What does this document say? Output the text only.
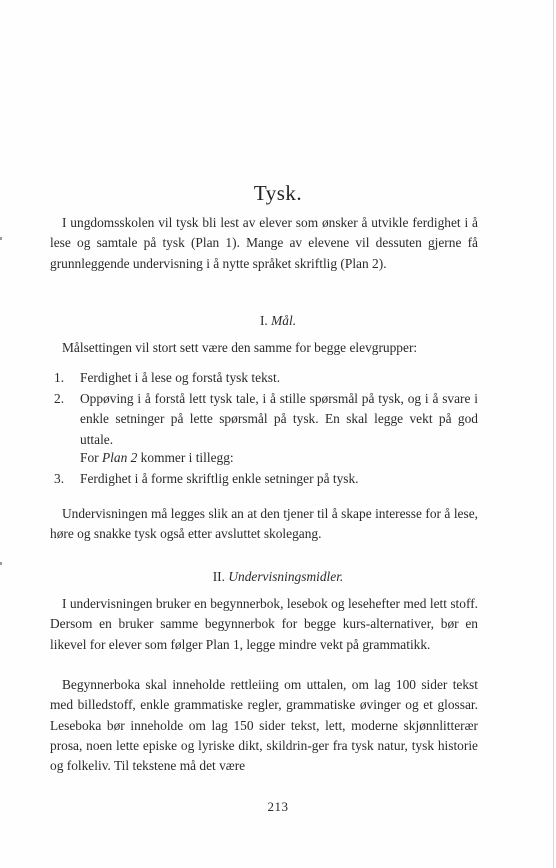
Tysk.

I ungdomsskolen vil tysk bli lest av elever som ønsker å utvikle ferdighet i å lese og samtale på tysk (Plan 1). Mange av elevene vil dessuten gjerne få grunnleggende undervisning i å nytte språket skriftlig (Plan 2).

I. Mål.

Målsettingen vil stort sett være den samme for begge elevgrupper:

1. Ferdighet i å lese og forstå tysk tekst.
2. Oppøving i å forstå lett tysk tale, i å stille spørsmål på tysk, og i å svare i enkle setninger på lette spørsmål på tysk. En skal legge vekt på god uttale.
For Plan 2 kommer i tillegg:
3. Ferdighet i å forme skriftlig enkle setninger på tysk.

Undervisningen må legges slik an at den tjener til å skape interesse for å lese, høre og snakke tysk også etter avsluttet skolegang.

II. Undervisningsmidler.

I undervisningen bruker en begynnerbok, lesebok og lesehefter med lett stoff. Dersom en bruker samme begynnerbok for begge kurs-alternativer, bør en likevel for elever som følger Plan 1, legge mindre vekt på grammatikk.

Begynnerboka skal inneholde rettleiing om uttalen, om lag 100 sider tekst med billedstoff, enkle grammatiske regler, grammatiske øvinger og et glossar. Leseboka bør inneholde om lag 150 sider tekst, lett, moderne skjønnlitterær prosa, noen lette episke og lyriske dikt, skildrin-ger fra tysk natur, tysk historie og folkeliv. Til tekstene må det være

213
